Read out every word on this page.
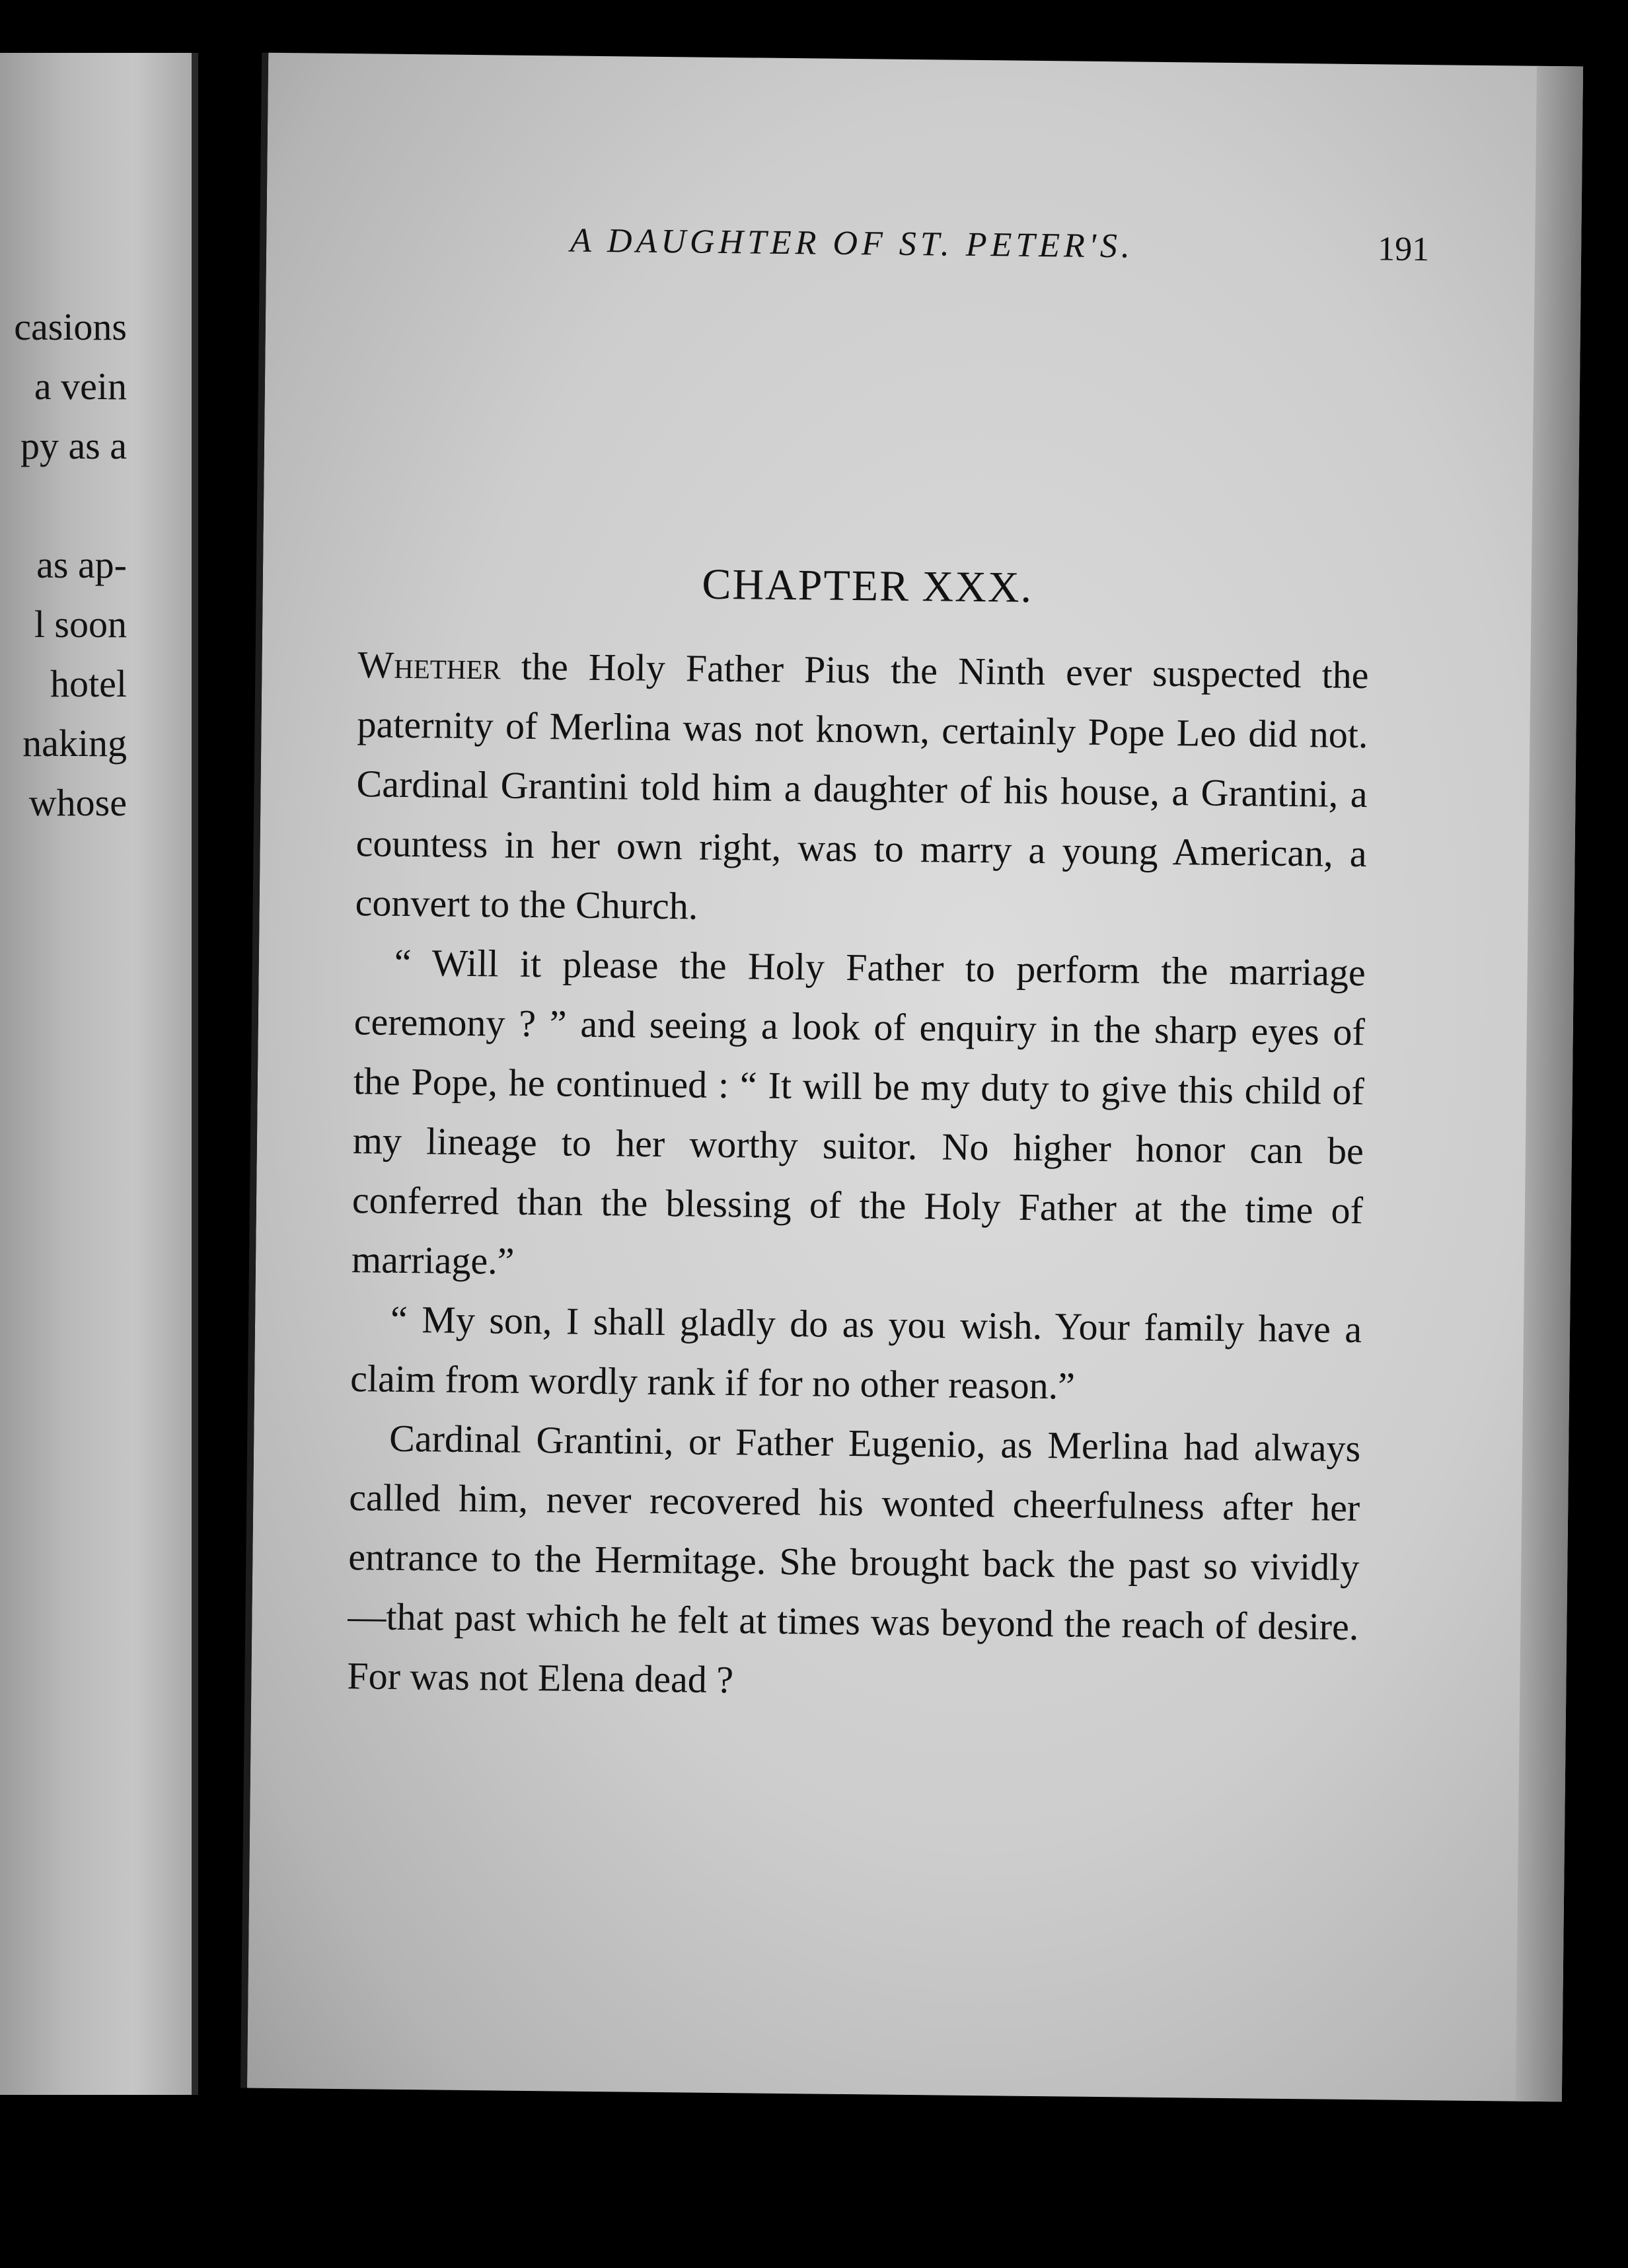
casions
a vein
py as a
as ap-
l soon
hotel
naking
whose
A DAUGHTER OF ST. PETER'S.	191
CHAPTER XXX.

Whether the Holy Father Pius the Ninth ever suspected the paternity of Merlina was not known, certainly Pope Leo did not. Cardinal Grantini told him a daughter of his house, a Grantini, a countess in her own right, was to marry a young American, a convert to the Church.

“ Will it please the Holy Father to perform the marriage ceremony ? ” and seeing a look of enquiry in the sharp eyes of the Pope, he continued : “ It will be my duty to give this child of my lineage to her worthy suitor. No higher honor can be conferred than the blessing of the Holy Father at the time of marriage.”

“ My son, I shall gladly do as you wish. Your family have a claim from wordly rank if for no other reason.”

Cardinal Grantini, or Father Eugenio, as Merlina had always called him, never recovered his wonted cheerfulness after her entrance to the Hermitage. She brought back the past so vividly—that past which he felt at times was beyond the reach of desire. For was not Elena dead ?
